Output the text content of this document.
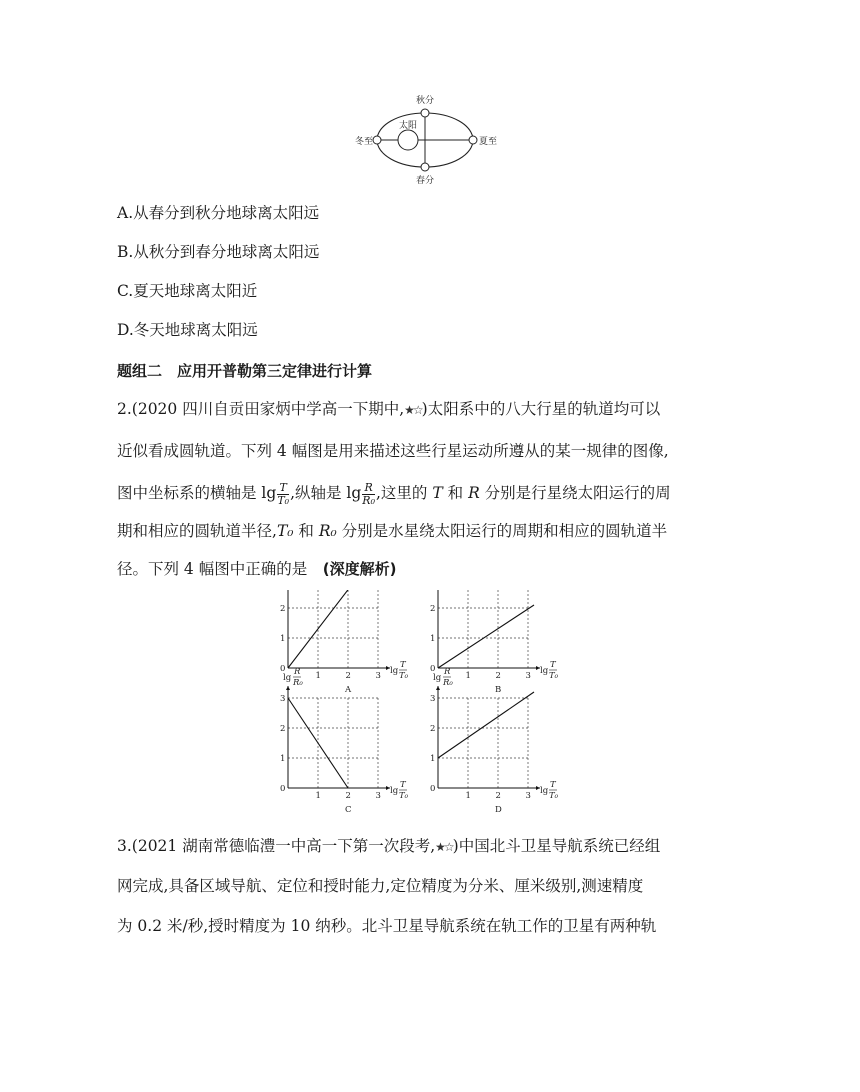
秋分
春分
冬至	夏至
太阳
A.从春分到秋分地球离太阳远
B.从秋分到春分地球离太阳远
C.夏天地球离太阳近
D.冬天地球离太阳远
题组二　应用开普勒第三定律进行计算
2.(2020 四川自贡田家炳中学高一下期中,★☆)太阳系中的八大行星的轨道均可以
近似看成圆轨道。下列 4 幅图是用来描述这些行星运动所遵从的某一规律的图像,
图中坐标系的横轴是 $\lg \frac{T}{\text{T₀}}$ ,纵轴是 $\lg \frac{R}{\text{R₀}}$ ,这里的 T 和 R 分别是行星绕太阳运行的周
期和相应的圆轨道半径,T₀ 和 R₀ 分别是水星绕太阳运行的周期和相应的圆轨道半
径。下列 4 幅图中正确的是　(深度解析)
1	2	3
1
2
0	lg
T
T₀
A
1	2	3
1
2
0	lg
T
T₀
B
1	2	3
1
2
3
0
lg
R
R₀
lg
T
T₀
C
1	2	3
1
2
3
0
lg
R
R₀
lg
T
T₀
D
3.(2021 湖南常德临澧一中高一下第一次段考,★☆)中国北斗卫星导航系统已经组
网完成,具备区域导航、定位和授时能力,定位精度为分米、厘米级别,测速精度
为 0.2 米/秒,授时精度为 10 纳秒。北斗卫星导航系统在轨工作的卫星有两种轨
